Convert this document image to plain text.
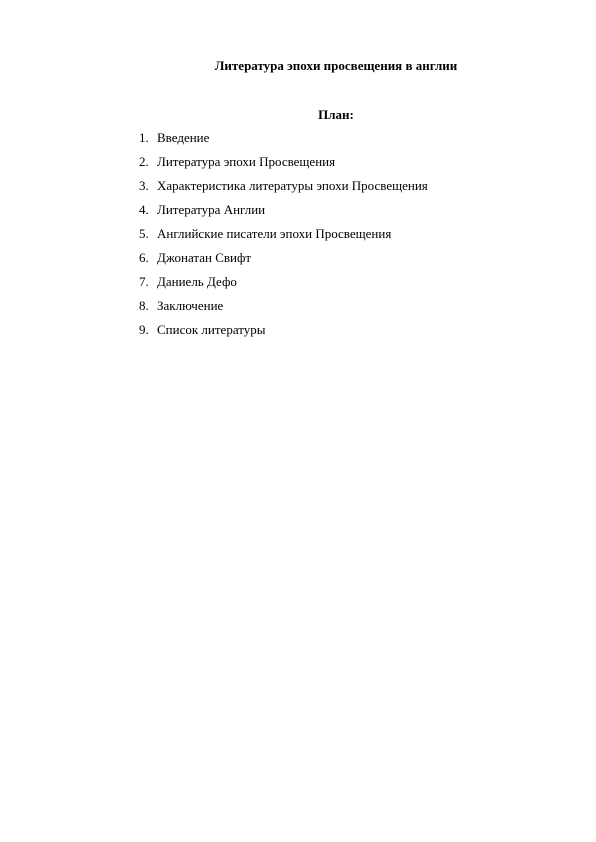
Литература эпохи просвещения в англии
План:
1. Введение
2. Литература эпохи Просвещения
3. Характеристика литературы эпохи Просвещения
4. Литература Англии
5. Английские писатели эпохи Просвещения
6. Джонатан Свифт
7. Даниель Дефо
8. Заключение
9. Список литературы
